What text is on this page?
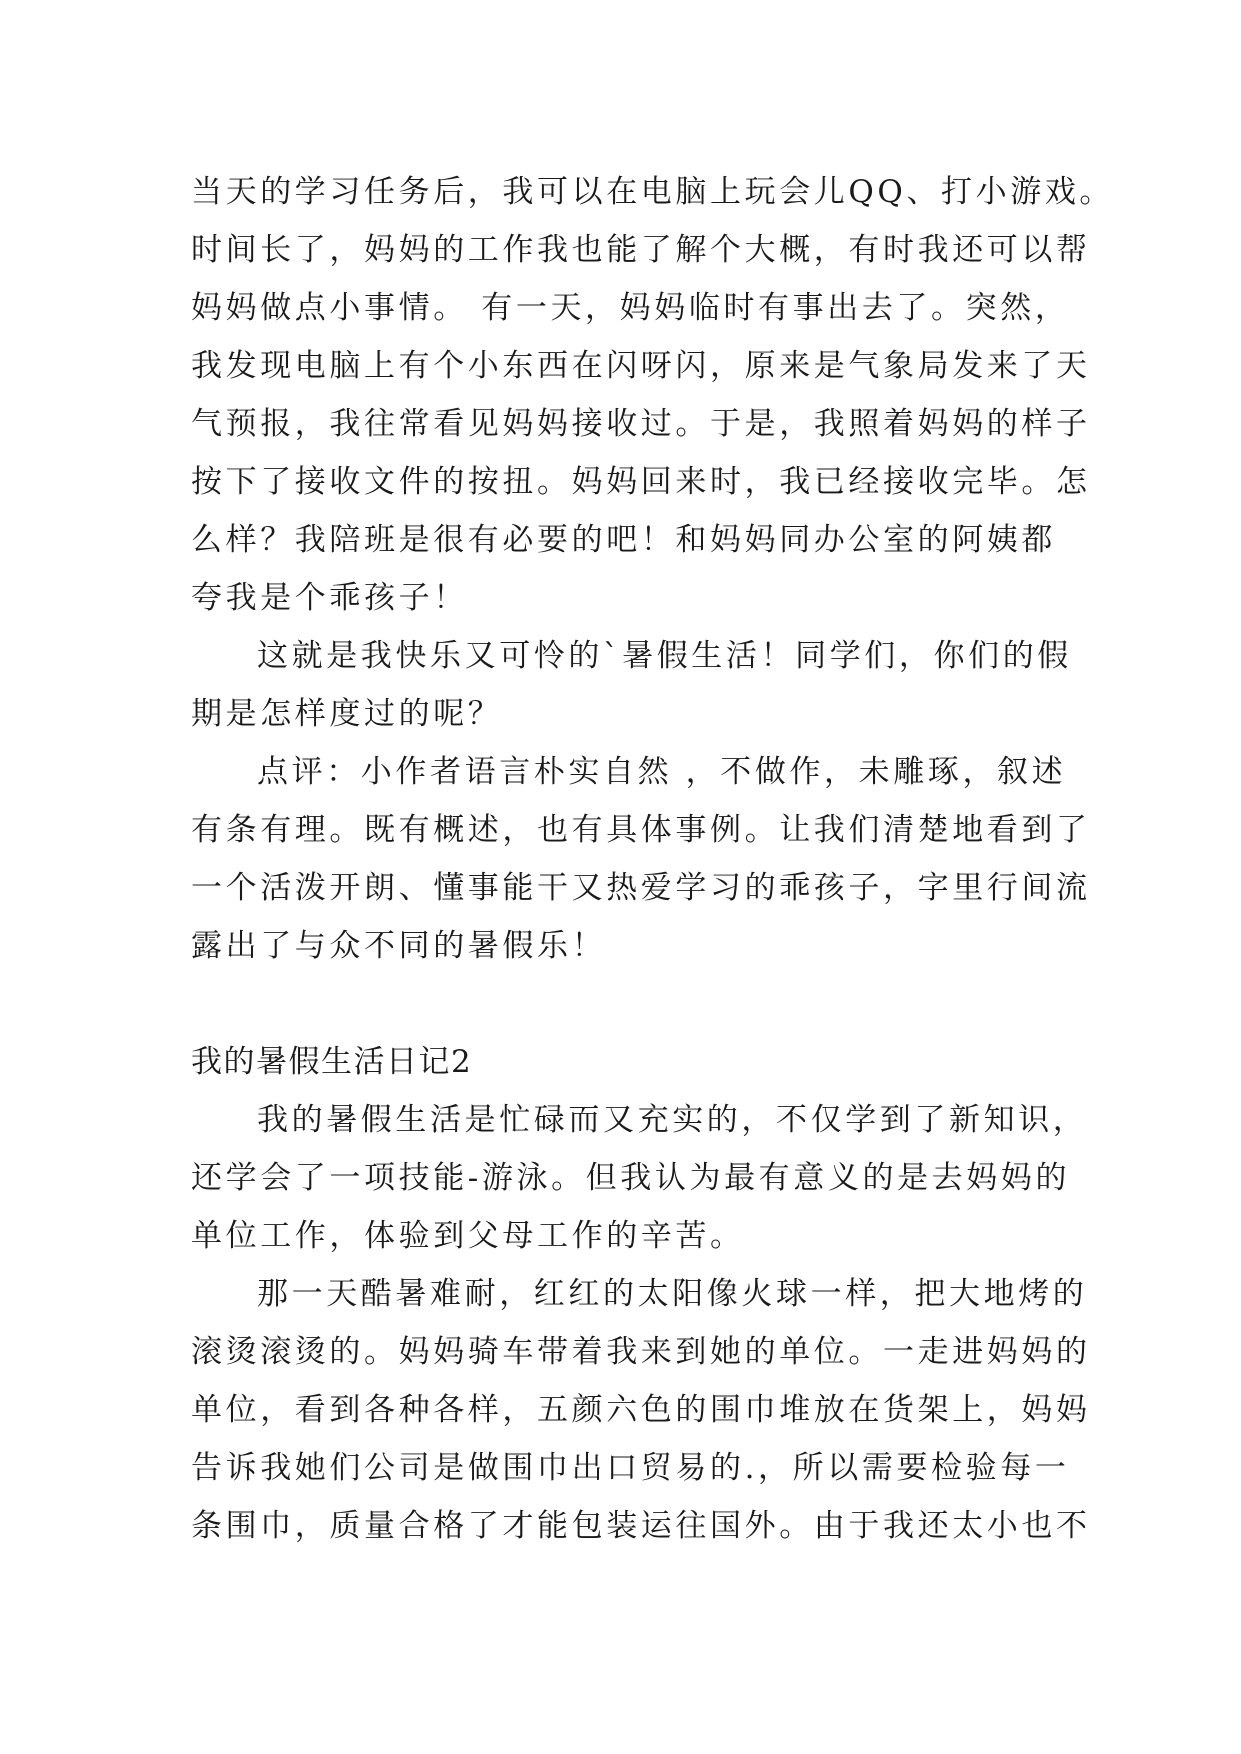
当天的学习任务后，我可以在电脑上玩会儿QQ、打小游戏。
时间长了，妈妈的工作我也能了解个大概，有时我还可以帮
妈妈做点小事情。 有一天，妈妈临时有事出去了。突然，
我发现电脑上有个小东西在闪呀闪，原来是气象局发来了天
气预报，我往常看见妈妈接收过。于是，我照着妈妈的样子
按下了接收文件的按扭。妈妈回来时，我已经接收完毕。怎
么样？我陪班是很有必要的吧！和妈妈同办公室的阿姨都
夸我是个乖孩子！
这就是我快乐又可怜的`暑假生活！同学们，你们的假
期是怎样度过的呢？
点评：小作者语言朴实自然 ，不做作，未雕琢，叙述
有条有理。既有概述，也有具体事例。让我们清楚地看到了
一个活泼开朗、懂事能干又热爱学习的乖孩子，字里行间流
露出了与众不同的暑假乐！
我的暑假生活日记2
我的暑假生活是忙碌而又充实的，不仅学到了新知识，
还学会了一项技能-游泳。但我认为最有意义的是去妈妈的
单位工作，体验到父母工作的辛苦。
那一天酷暑难耐，红红的太阳像火球一样，把大地烤的
滚烫滚烫的。妈妈骑车带着我来到她的单位。一走进妈妈的
单位，看到各种各样，五颜六色的围巾堆放在货架上，妈妈
告诉我她们公司是做围巾出口贸易的.，所以需要检验每一
条围巾，质量合格了才能包装运往国外。由于我还太小也不
